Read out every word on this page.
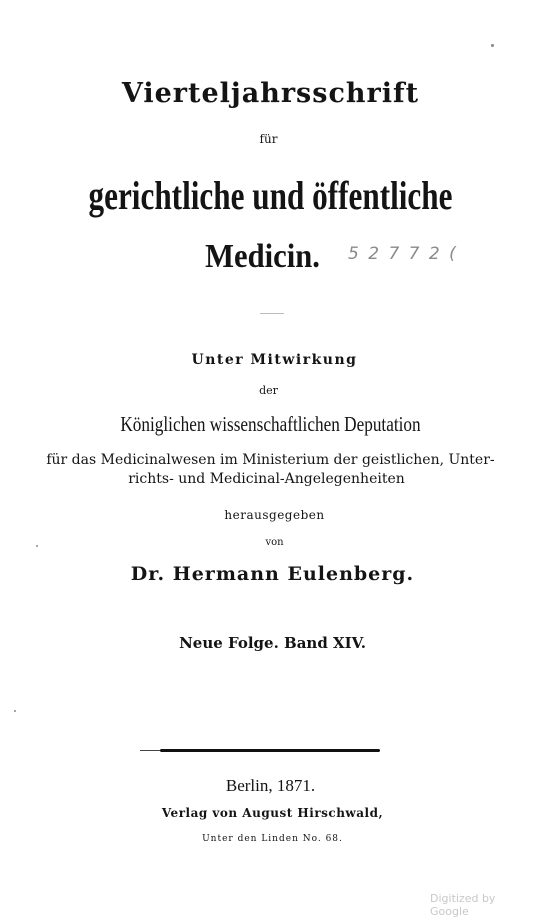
Vierteljahrsschrift
für
gerichtliche und öffentliche
Medicin.	5 2 7 7 2 (
Unter Mitwirkung
der
Königlichen wissenschaftlichen Deputation
für das Medicinalwesen im Ministerium der geistlichen, Unter-
richts- und Medicinal-Angelegenheiten
herausgegeben
von
Dr. Hermann Eulenberg.
Neue Folge. Band XIV.
Berlin, 1871.
Verlag von August Hirschwald,
Unter den Linden No. 68.
Digitized by Google
